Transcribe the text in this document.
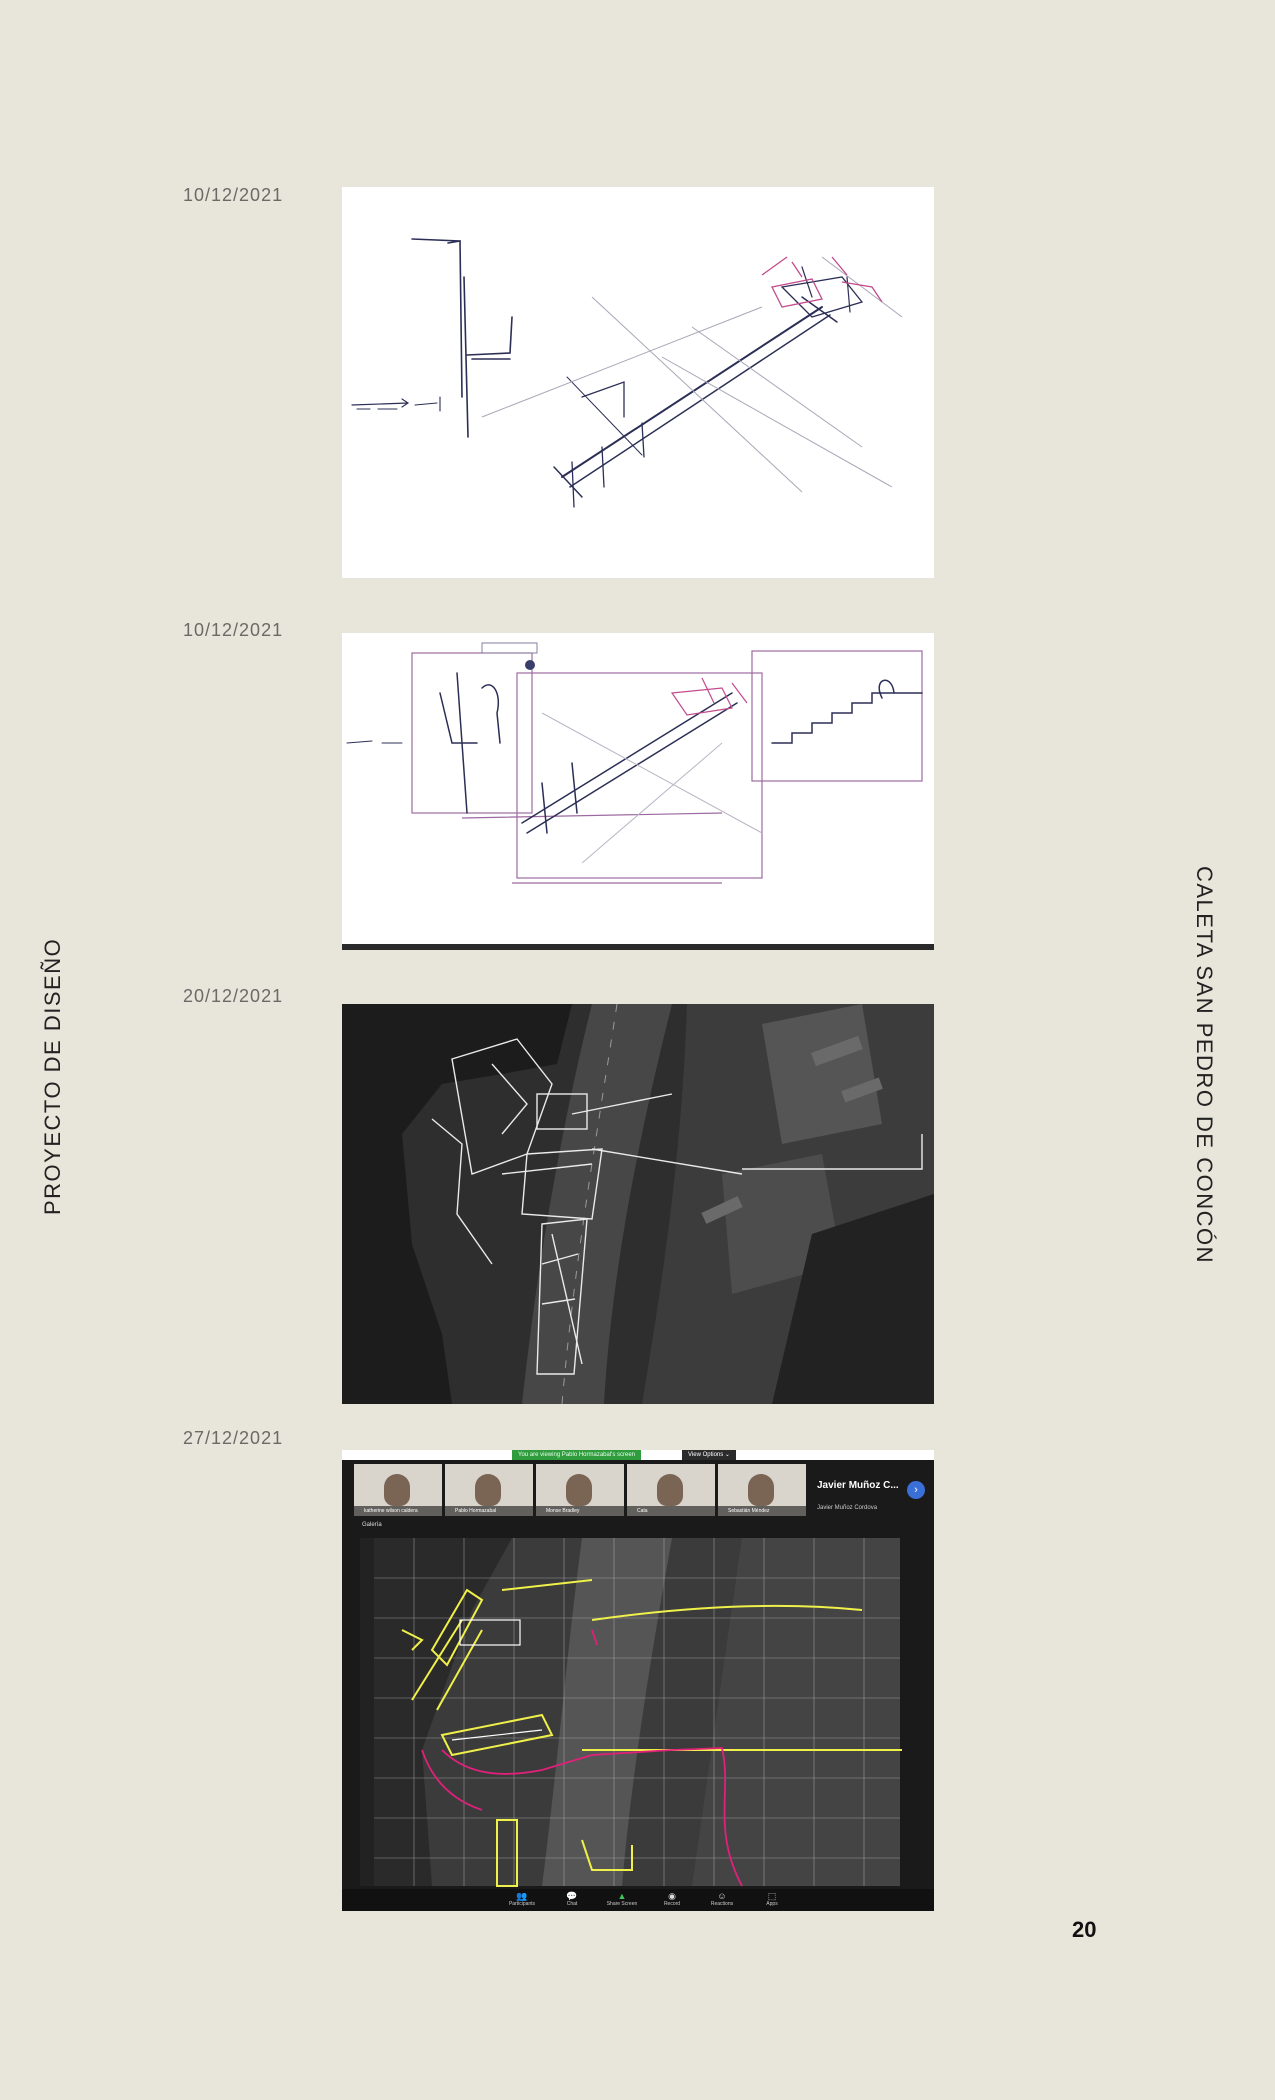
10/12/2021
10/12/2021
20/12/2021
27/12/2021
You are viewing Pablo Hormazabal's screen	View Options ⌄
katherine wilson caldera	Pablo Hormazabal	Monse Bradley	Cata	Sebastián Méndez
Javier Muñoz C...
Javier Muñoz Cordova
›
Galería
👥
Participants
💬
Chat
▲
Share Screen
◉
Record
☺
Reactions
⬚
Apps
PROYECTO DE DISEÑO	CALETA SAN PEDRO DE CONCÓN
20
